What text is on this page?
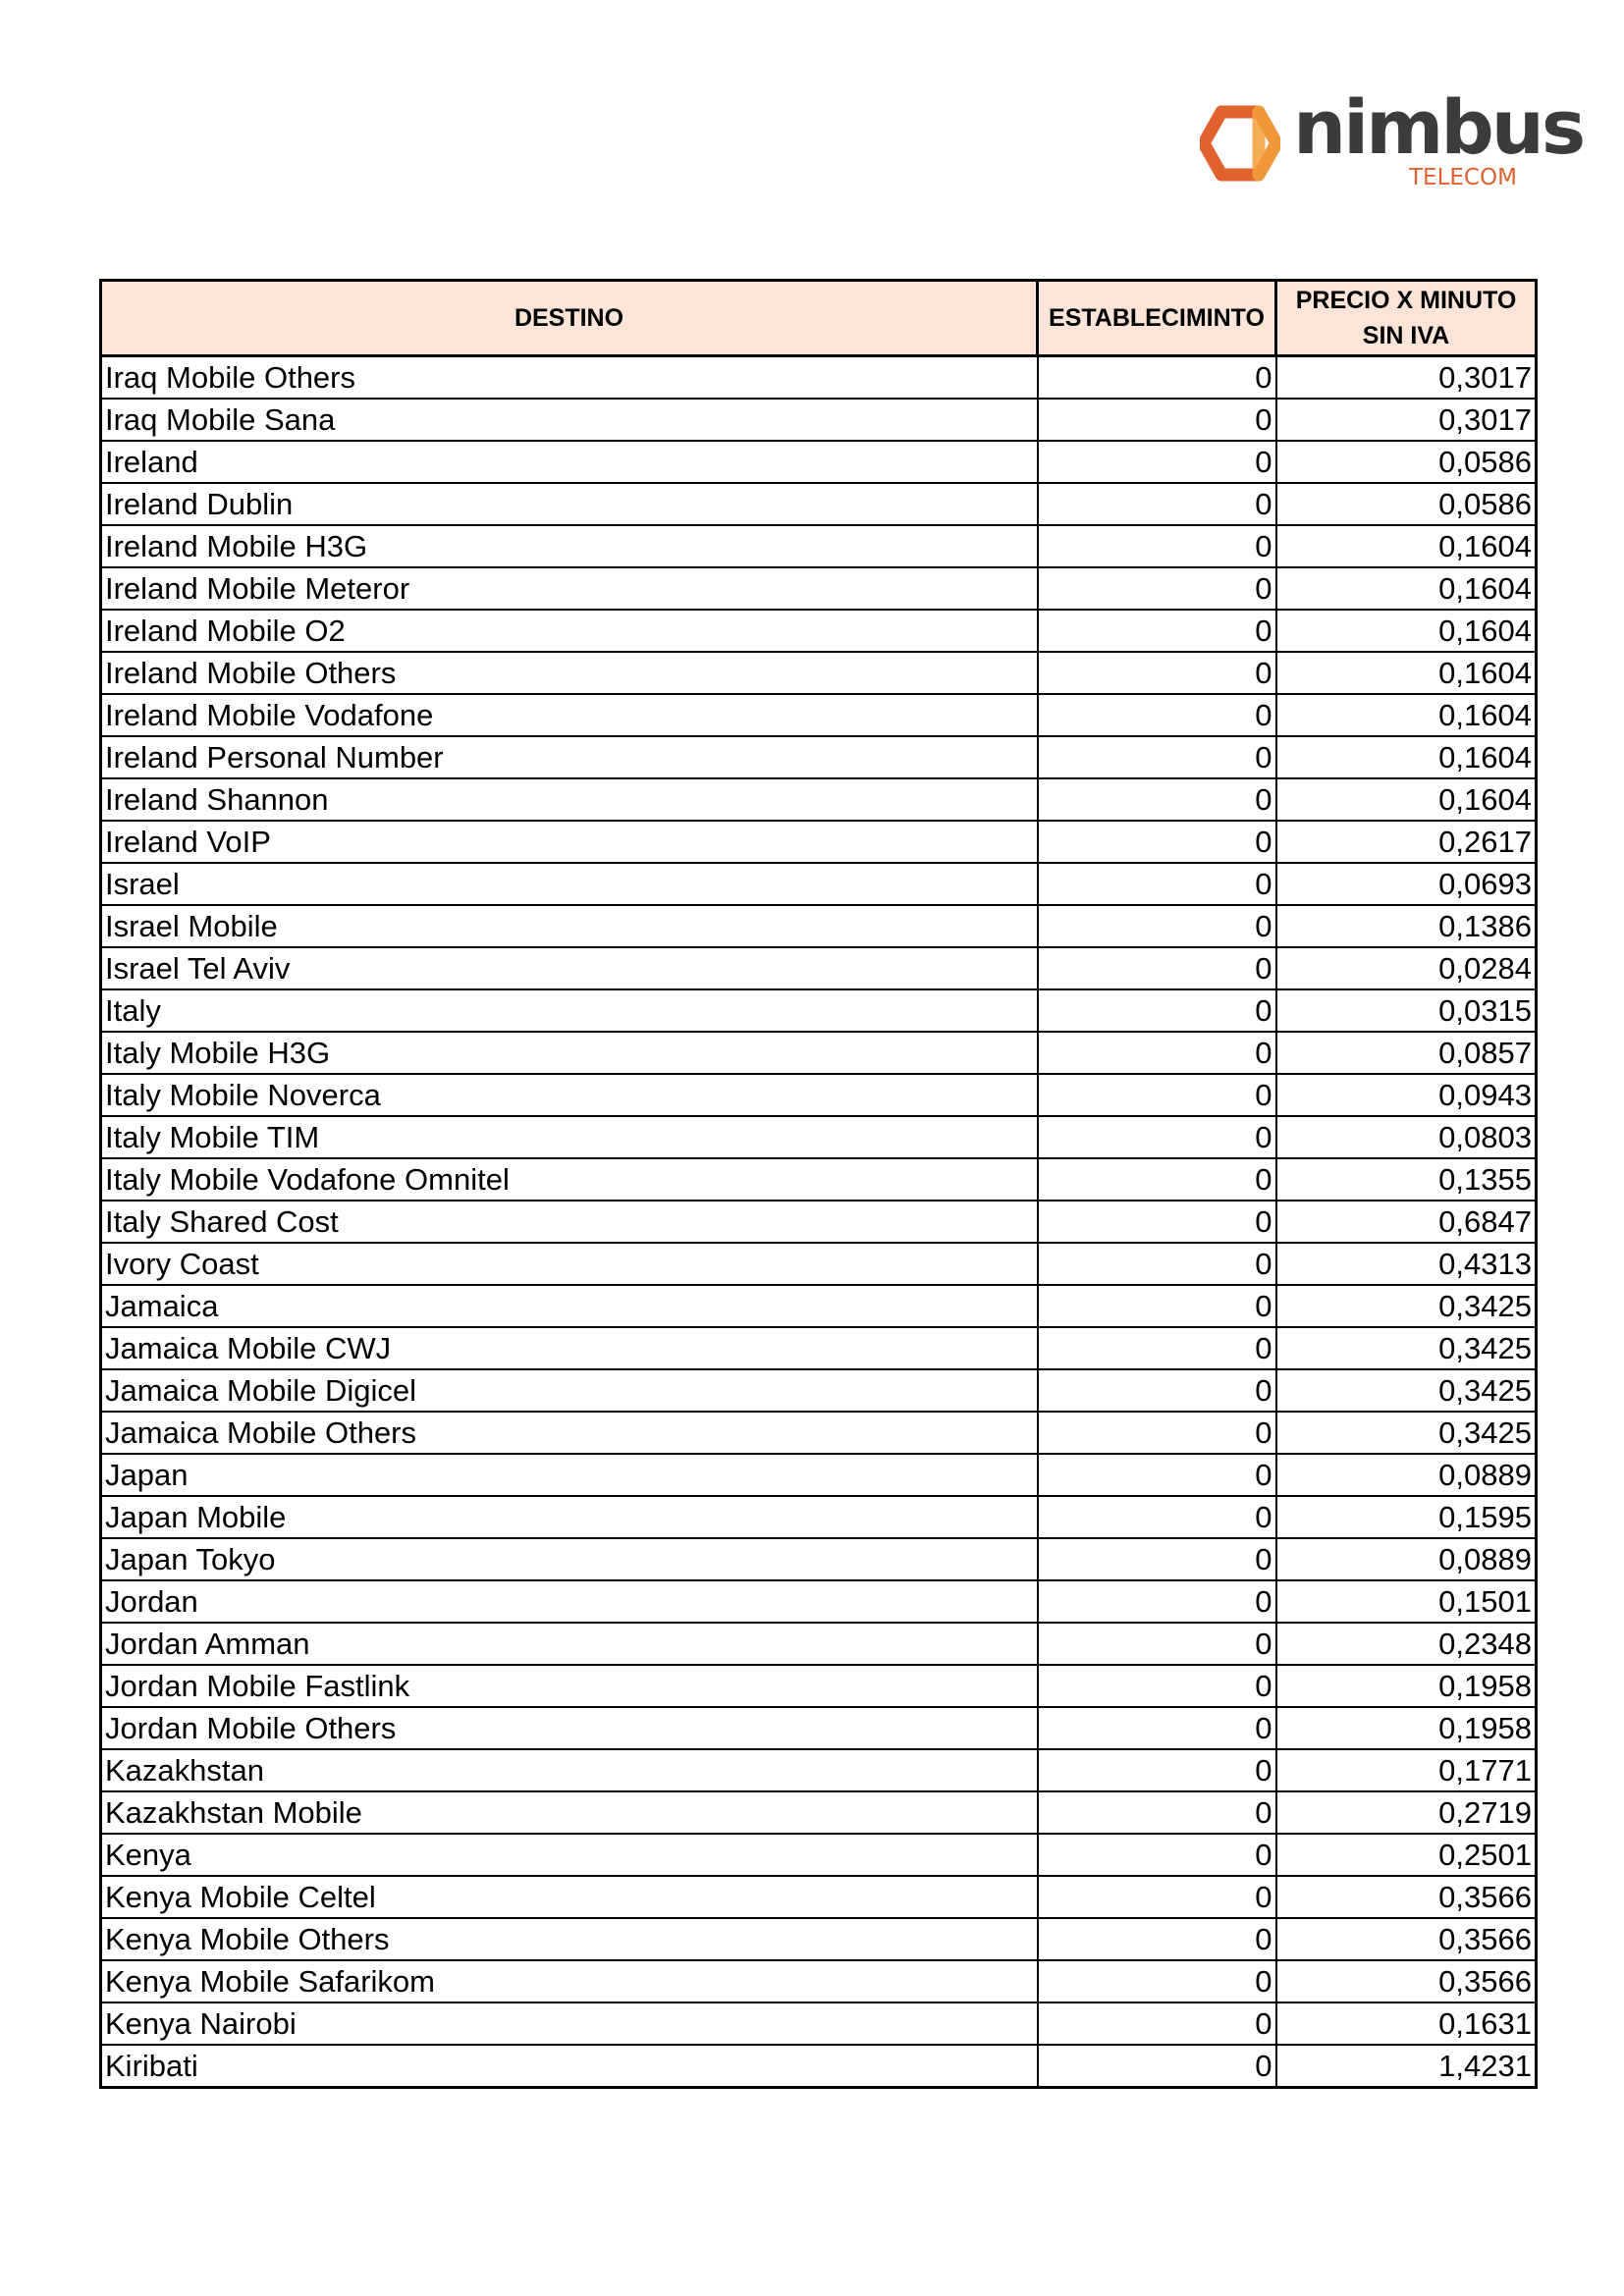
nimbus
TELECOM
DESTINO	ESTABLECIMINTO	PRECIO X MINUTO
SIN IVA

Iraq Mobile Others	0	0,3017
Iraq Mobile Sana	0	0,3017
Ireland	0	0,0586
Ireland Dublin	0	0,0586
Ireland Mobile H3G	0	0,1604
Ireland Mobile Meteror	0	0,1604
Ireland Mobile O2	0	0,1604
Ireland Mobile Others	0	0,1604
Ireland Mobile Vodafone	0	0,1604
Ireland Personal Number	0	0,1604
Ireland Shannon	0	0,1604
Ireland VoIP	0	0,2617
Israel	0	0,0693
Israel Mobile	0	0,1386
Israel Tel Aviv	0	0,0284
Italy	0	0,0315
Italy Mobile H3G	0	0,0857
Italy Mobile Noverca	0	0,0943
Italy Mobile TIM	0	0,0803
Italy Mobile Vodafone Omnitel	0	0,1355
Italy Shared Cost	0	0,6847
Ivory Coast	0	0,4313
Jamaica	0	0,3425
Jamaica Mobile CWJ	0	0,3425
Jamaica Mobile Digicel	0	0,3425
Jamaica Mobile Others	0	0,3425
Japan	0	0,0889
Japan Mobile	0	0,1595
Japan Tokyo	0	0,0889
Jordan	0	0,1501
Jordan Amman	0	0,2348
Jordan Mobile Fastlink	0	0,1958
Jordan Mobile Others	0	0,1958
Kazakhstan	0	0,1771
Kazakhstan Mobile	0	0,2719
Kenya	0	0,2501
Kenya Mobile Celtel	0	0,3566
Kenya Mobile Others	0	0,3566
Kenya Mobile Safarikom	0	0,3566
Kenya Nairobi	0	0,1631
Kiribati	0	1,4231
